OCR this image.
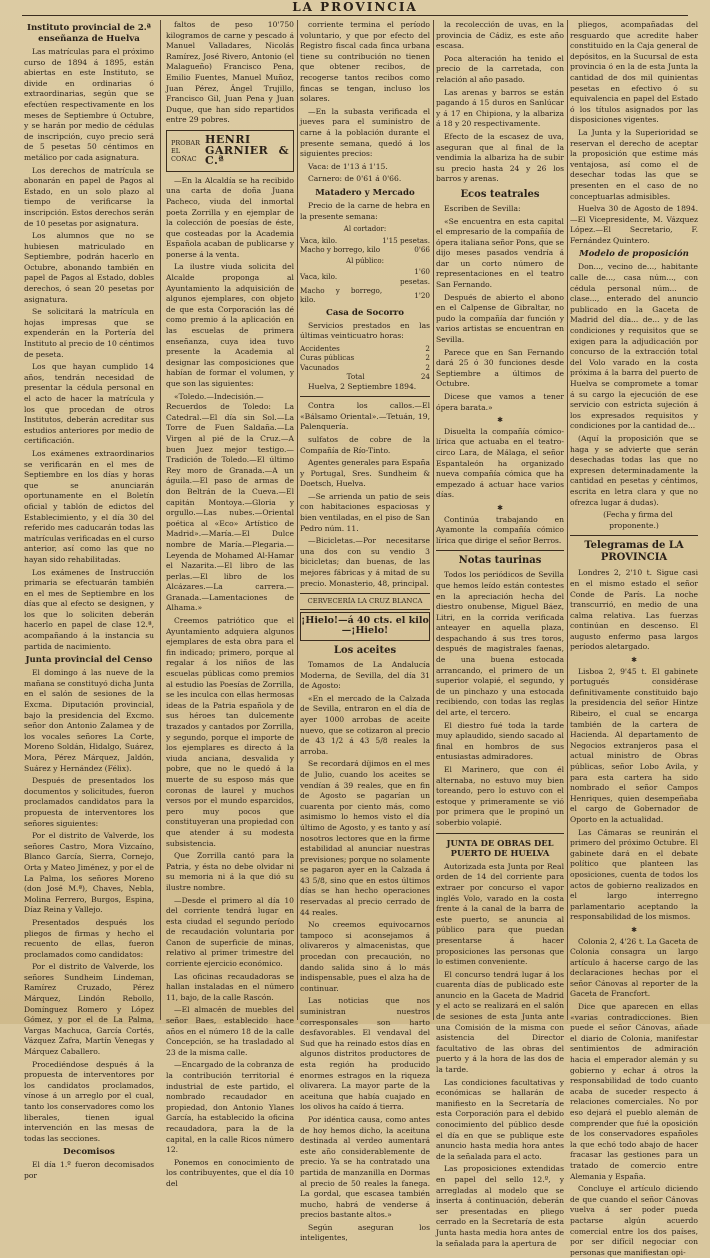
LA PROVINCIA
Instituto provincial de 2.ª enseñanza de Huelva

Las matrículas para el próximo curso de 1894 á 1895, están abiertas en este Instituto, se divide en ordinarias ó extraordinarias, según que se efectúen respectivamente en los meses de Septiembre ú Octubre, y se harán por medio de cédulas de inscripción, cuyo precio será de 5 pesetas 50 céntimos en metálico por cada asignatura.

Los derechos de matrícula se abonarán en papel de Pagos al Estado, en un solo plazo al tiempo de verificarse la inscripción. Estos derechos serán de 10 pesetas por asignatura.

Los alumnos que no se hubiesen matriculado en Septiembre, podrán hacerlo en Octubre, abonando también en papel de Pagos al Estado, dobles derechos, ó sean 20 pesetas por asignatura.

Se solicitará la matrícula en hojas impresas que se expenderán en la Portería del Instituto al precio de 10 céntimos de peseta.

Los que hayan cumplido 14 años, tendrán necesidad de presentar la cédula personal en el acto de hacer la matrícula y los que procedan de otros Institutos, deberán acreditar sus estudios anteriores por medio de certificación.

Los exámenes extraordinarios se verificarán en el mes de Septiembre en los días y horas que se anunciarán oportunamente en el Boletín oficial y tablón de edictos del Establecimiento, y el día 30 del referido mes caducarán todas las matrículas verificadas en el curso anterior, así como las que no hayan sido rehabilitadas.

Los exámenes de Instrucción primaria se efectuarán también en el mes de Septiembre en los días que al efecto se designen, y los que lo soliciten deberán hacerlo en papel de clase 12.ª, acompañando á la instancia su partida de nacimiento.

Junta provincial del Censo

El domingo á las nueve de la mañana se constituyó dicha Junta en el salón de sesiones de la Excma. Diputación provincial, bajo la presidencia del Excmo. señor don Antonio Zalamea y de los vocales señores La Corte, Moreno Soldán, Hidalgo, Suárez, Mora, Pérez Márquez, Jaldón, Suárez y Hernández (Félix).

Después de presentados los documentos y solicitudes, fueron proclamados candidatos para la propuesta de interventores los señores siguientes:

Por el distrito de Valverde, los señores Castro, Mora Vizcaíno, Blanco García, Sierra, Cornejo, Orta y Mateo Jiménez, y por el de La Palma, los señores Moreno (don José M.ª), Chaves, Nebla, Molina Ferrero, Burgos, Espina, Díaz Reina y Vallejo.

Presentados después los pliegos de firmas y hecho el recuento de ellas, fueron proclamados como candidatos:

Por el distrito de Valverde, los señores Sundheim Lindeman, Ramírez Cruzado, Pérez Márquez, Lindón Rebollo, Domínguez Romero y López Gómez, y por el de La Palma, Vargas Machuca, García Cortés, Vázquez Zafra, Martín Venegas y Márquez Caballero.

Procediéndose después á la propuesta de interventores por los candidatos proclamados, vínose á un arreglo por el cual, tanto los conservadores como los liberales, tienen igual intervención en las mesas de todas las secciones.

Decomisos

El día 1.º fueron decomisados por

faltos de peso 10'750 kilogramos de carne y pescado á Manuel Valladares, Nicolás Ramírez, José Rivero, Antonio (el Malagueño) Francisco Pena, Emilio Fuentes, Manuel Muñoz, Juan Pérez, Ángel Trujillo, Francisco Gil, Juan Pena y Juan Duque, que han sido repartidos entre 29 pobres.

PROBAR EL COÑAC
HENRI GARNIER & C.ª

—En la Alcaldía se ha recibido una carta de doña Juana Pacheco, viuda del inmortal poeta Zorrilla y en ejemplar de la colección de poesías de éste, que costeadas por la Academia Española acaban de publicarse y ponerse á la venta.

La ilustre viuda solicita del Alcalde proponga al Ayuntamiento la adquisición de algunos ejemplares, con objeto de que esta Corporación las dé como premio á la aplicación en las escuelas de primera enseñanza, cuya idea tuvo presente la Academia al designar las composiciones que habían de formar el volumen, y que son las siguientes:

«Toledo.—Indecisión.—Recuerdos de Toledo: La Catedral.—El día sin Sol.—La Torre de Fuen Saldaña.—La Virgen al pié de la Cruz.—A buen Juez mejor testigo.—Tradición de Toledo.—El último Rey moro de Granada.—A un águila.—El paso de armas de don Beltrán de la Cueva.—El capitán Montoya.—Gloria y orgullo.—Las nubes.—Oriental poética al «Eco» Artístico de Madrid».—María.—El Dulce nombre de María.—Plegaria.—Leyenda de Mohamed Al-Hamar el Nazarita.—El libro de las perlas.—El libro de los Alcázares.—La carrera.—Granada.—Lamentaciones de Alhama.»

Creemos patriótico que el Ayuntamiento adquiera algunos ejemplares de esta obra para el fin indicado; primero, porque al regalar á los niños de las escuelas públicas como premios al estudio las Poesías de Zorrilla, se les inculca con ellas hermosas ideas de la Patria española y de sus héroes tan dulcemente trazados y cantados por Zorrilla, y segundo, porque el importe de los ejemplares es directo á la viuda anciana, desvalida y pobre, que no le quedó á la muerte de su esposo más que coronas de laurel y muchos versos por el mundo esparcidos, pero muy pocos que constituyeran una propiedad con que atender á su modesta subsistencia.

Que Zorrilla cantó para la Patria, y ésta no debe olvidar ni su memoria ni á la que dió su ilustre nombre.

—Desde el primero al día 10 del corriente tendrá lugar en esta ciudad el segundo período de recaudación voluntaria por Canon de superficie de minas, relativo al primer trimestre del corriente ejercicio económico.

Las oficinas recaudadoras se hallan instaladas en el número 11, bajo, de la calle Rascón.

—El almacén de muebles del señor Baes, establecido hace años en el número 18 de la calle Concepción, se ha trasladado al 23 de la misma calle.

—Encargado de la cobranza de la contribución territorial é industrial de este partido, el nombrado recaudador en propiedad, don Antonio Ylanes García, ha establecido la oficina recaudadora, para la de la capital, en la calle Ricos número 12.

Ponemos en conocimiento de los contribuyentes, que el día 10 del

corriente termina el período voluntario, y que por efecto del Registro fiscal cada finca urbana tiene su contribución no tienen que obtener recibos, de recogerse tantos recibos como fincas se tengan, incluso los solares.

—En la subasta verificada el jueves para el suministro de carne á la población durante el presente semana, quedó á los siguientes precios:

Vaca: de 1'13 á 1'15.

Carnero: de 0'61 á 0'66.

Matadero y Mercado

Precio de la carne de hebra en la presente semana:

Al cortador:
Vaca, kilo.	1'15 pesetas.
Macho y borrego, kilo	0'66
Al público:
Vaca, kilo.	1'60 pesetas.
Macho y borrego, kilo.	1'20
Casa de Socorro

Servicios prestados en las últimas veinticuatro horas:

Accidentes	2
Curas públicas	2
Vacunados	2
Total	24

Huelva, 2 Septiembre 1894.

Contra los callos.—El «Bálsamo Oriental».—Tetuán, 19, Palenquería.

sulfatos de cobre de la Compañía de Río-Tinto.

Agentes generales para España y Portugal, Sres. Sundheim & Doetsch, Huelva.

—Se arrienda un patio de seis con habitaciones espaciosas y bien ventiladas, en el piso de San Pedro núm. 11.

—Bicicletas.—Por necesitarse una dos con su vendio 3 bicicletas; dan buenas, de las mejores fábricas y á mitad de su precio. Monasterio, 48, principal.

CERVECERÍA LA CRUZ BLANCA
¡Hielo!—á 40 cts. el kilo—¡Hielo!
Los aceites

Tomamos de La Andalucía Moderna, de Sevilla, del día 31 de Agosto:

«En el mercado de la Calzada de Sevilla, entraron en el día de ayer 1000 arrobas de aceite nuevo, que se cotizaron al precio de 43 1/2 á 43 5/8 reales la arroba.

Se recordará díjimos en el mes de Julio, cuando los aceites se vendían á 39 reales, que en fin de Agosto se pagarían un cuarenta por ciento más, como asimismo lo hemos visto el día último de Agosto, y es tanto y así nosotros lectores que en la firme estabilidad al anunciar nuestras previsiones; porque no solamente se pagaron ayer en la Calzada á 43 5/8, sino que en estos últimos días se han hecho operaciones reservadas al precio cerrado de 44 reales.

No creemos equivocarnos tampoco si aconsejamos á olivareros y almacenistas, que procedan con precaución, no dando salida sino á lo más indispensable, pues el alza ha de continuar.

Las noticias que nos suministran nuestros corresponsales son harto desfavorables. El vendaval del Sud que ha reinado estos días en algunos distritos productores de esta región ha producido enormes estragos en la riqueza olivarera. La mayor parte de la aceituna que había cuajado en los olivos ha caído á tierra.

Por idéntica causa, como antes de hoy hemos dicho, la aceituna destinada al verdeo aumentará este año considerablemente de precio. Ya se ha contratado una partida de manzanilla en Dormas al precio de 50 reales la fanega. La gordal, que escasea también mucho, habrá de venderse á precios bastante altos.»

Según aseguran los inteligentes,

la recolección de uvas, en la provincia de Cádiz, es este año escasa.

Poca alteración ha tenido el precio de la carretada, con relación al año pasado.

Las arenas y barros se están pagando á 15 duros en Sanlúcar y á 17 en Chipiona, y la albariza á 18 y 20 respectivamente.

Efecto de la escasez de uva, aseguran que al final de la vendimia la albariza ha de subir su precio hasta 24 y 26 los barros y arenas.

Ecos teatrales

Escriben de Sevilla:

«Se encuentra en esta capital el empresario de la compañía de ópera italiana señor Pons, que se dijo meses pasados vendría á dar un corto número de representaciones en el teatro San Fernando.

Después de abierto el abono en el Calpense de Gibraltar, no pudo la compañía dar función y varios artistas se encuentran en Sevilla.

Parece que en San Fernando dará 25 ó 30 funciones desde Septiembre a últimos de Octubre.

Dicese que vamos a tener ópera barata.»

✱

Disuelta la compañía cómico-lírica que actuaba en el teatro-circo Lara, de Málaga, el señor Espantaleón ha organizado nueva compañía cómica que ha empezado á actuar hace varios días.

✱

Continúa trabajando en Ayamonte la compañía cómico lírica que dirige el señor Berros.

Notas taurinas

Todos los periódicos de Sevilla que hemos leído están contestes en la apreciación hecha del diestro onubense, Miguel Báez, Litri, en la corrida verificada anteayer en aquella plaza, despachando á sus tres toros, después de magistrales faenas, de una buena estocada arrancando, el primero de un superior volapié, el segundo, y de un pinchazo y una estocada recibiendo, con todas las reglas del arte, el tercero.

El diestro fué toda la tarde muy aplaudido, siendo sacado al final en hombros de sus entusiastas admiradores.

El Marinero, que con él alternaba, no estuvo muy bien toreando, pero lo estuvo con el estoque y primeramente se vió por primera que le propinó un soberbio volapié.

JUNTA DE OBRAS DEL PUERTO DE HUELVA

Autorizada esta Junta por Real orden de 14 del corriente para extraer por concurso el vapor inglés Volo, varado en la costa frente á la canal de la barra de este puerto, se anuncia al público para que puedan presentarse á hacer proposiciones las personas que lo estimen conveniente.

El concurso tendrá lugar á los cuarenta días de publicado este anuncio en la Gaceta de Madrid y el acto se realizará en el salón de sesiones de esta Junta ante una Comisión de la misma con asistencia del Director facultativo de las obras del puerto y á la hora de las dos de la tarde.

Las condiciones facultativas y económicas se hallarán de manifiesto en la Secretaría de esta Corporación para el debido conocimiento del público desde el día en que se publique este anuncio hasta media hora antes de la señalada para el acto.

Las proposiciones extendidas en papel del sello 12.º, y arregladas al modelo que se inserta á continuación, deberán ser presentadas en pliego cerrado en la Secretaría de esta Junta hasta media hora antes de la señalada para la apertura de

pliegos, acompañadas del resguardo que acredite haber constituido en la Caja general de depósitos, en la Sucursal de esta provincia ó en la de esta Junta la cantidad de dos mil quinientas pesetas en efectivo ó su equivalencia en papel del Estado ó los títulos asignados por las disposiciones vigentes.

La Junta y la Superioridad se reservan el derecho de aceptar la proposición que estime más ventajosa, así como el de desechar todas las que se presenten en el caso de no conceptuarlas admisibles.

Huelva 30 de Agosto de 1894.—El Vicepresidente, M. Vázquez López.—El Secretario, F. Fernández Quintero.

Modelo de proposición

Don..., vecino de..., habitante calle de..., casa núm..., con cédula personal núm... de clase..., enterado del anuncio publicado en la Gaceta de Madrid del día... de... y de las condiciones y requisitos que se exigen para la adjudicación por concurso de la extracción total del Volo varado en la costa próxima á la barra del puerto de Huelva se compromete a tomar á su cargo la ejecución de ese servicio con estricta sujeción á los expresados requisitos y condiciones por la cantidad de...

(Aquí la proposición que se haga y se advierte que serán desechadas todas las que no expresen determinadamente la cantidad en pesetas y céntimos, escrita en letra clara y que no ofrezca lugar á dudas).

(Fecha y firma del proponente.)

Telegramas de LA PROVINCIA

Londres 2, 2'10 t. Sigue casi en el mismo estado el señor Conde de París. La noche transcurrió, en medio de una calma relativa. Las fuerzas continúan en descenso. El augusto enfermo pasa largos períodos aletargado.

✱

Lisboa 2, 9'45 t. El gabinete portugués considérase definitivamente constituido bajo la presidencia del señor Hintze Ribeiro, el cual se encarga también de la cartera de Hacienda. Al departamento de Negocios extranjeros pasa el actual ministro de Obras públicas, señor Lobo Avila, y para esta cartera ha sido nombrado el señor Campos Henriques, quien desempeñaba el cargo de Gobernador de Oporto en la actualidad.

Las Cámaras se reunirán el primero del próximo Octubre. El gabinete dará en el debate político que planteen las oposiciones, cuenta de todos los actos de gobierno realizados en el largo interregno parlamentario aceptando la responsabilidad de los mismos.

✱

Colonia 2, 4'26 t. La Gaceta de Colonia consagra un largo artículo á hacerse cargo de las declaraciones hechas por el señor Cánovas al reporter de la Gaceta de Francfort.

Dice que aparecen en ellas «varias contradicciones. Bien puede el señor Cánovas, añade el diario de Colonia, manifestar sentimientos de admiración hacia el emperador alemán y su gobierno y echar á otros la responsabilidad de todo cuanto acaba de suceder respecto á relaciones comerciales. No por eso dejará el pueblo alemán de comprender que fué la oposición de los conservadores españoles la que echó todo abajo de hacer fracasar las gestiones para un tratado de comercio entre Alemania y España.

Concluye el artículo diciendo de que cuando el señor Cánovas vuelva á ser poder pueda pactarse algún acuerdo comercial entre los dos países, por ser difícil negociar con personas que manifiestan opi-
